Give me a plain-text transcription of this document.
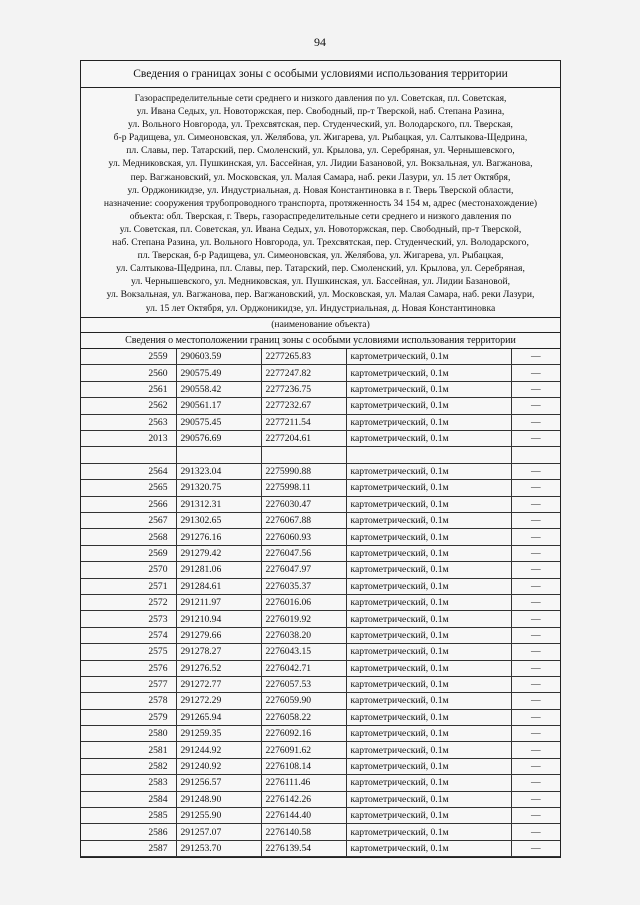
94
Сведения о границах зоны с особыми условиями использования территории
Газораспределительные сети среднего и низкого давления по ул. Советская, пл. Советская,
ул. Ивана Седых, ул. Новоторжская, пер. Свободный, пр-т Тверской, наб. Степана Разина,
ул. Вольного Новгорода, ул. Трехсвятская, пер. Студенческий, ул. Володарского, пл. Тверская,
б-р Радищева, ул. Симеоновская, ул. Желябова, ул. Жигарева, ул. Рыбацкая, ул. Салтыкова-Щедрина,
пл. Славы, пер. Татарский, пер. Смоленский, ул. Крылова, ул. Серебряная, ул. Чернышевского,
ул. Медниковская, ул. Пушкинская, ул. Бассейная, ул. Лидии Базановой, ул. Вокзальная, ул. Вагжанова,
пер. Вагжановский, ул. Московская, ул. Малая Самара, наб. реки Лазури, ул. 15 лет Октября,
ул. Орджоникидзе, ул. Индустриальная, д. Новая Константиновка в г. Тверь Тверской области,
назначение: сооружения трубопроводного транспорта, протяженность 34 154 м, адрес (местонахождение)
объекта: обл. Тверская, г. Тверь, газораспределительные сети среднего и низкого давления по
ул. Советская, пл. Советская, ул. Ивана Седых, ул. Новоторжская, пер. Свободный, пр-т Тверской,
наб. Степана Разина, ул. Вольного Новгорода, ул. Трехсвятская, пер. Студенческий, ул. Володарского,
пл. Тверская, б-р Радищева, ул. Симеоновская, ул. Желябова, ул. Жигарева, ул. Рыбацкая,
ул. Салтыкова-Щедрина, пл. Славы, пер. Татарский, пер. Смоленский, ул. Крылова, ул. Серебряная,
ул. Чернышевского, ул. Медниковская, ул. Пушкинская, ул. Бассейная, ул. Лидии Базановой,
ул. Вокзальная, ул. Вагжанова, пер. Вагжановский, ул. Московская, ул. Малая Самара, наб. реки Лазури,
ул. 15 лет Октября, ул. Орджоникидзе, ул. Индустриальная, д. Новая Константиновка
(наименование объекта)
Сведения о местоположении границ зоны с особыми условиями использования территории
2559	290603.59	2277265.83	картометрический, 0.1м	—
2560	290575.49	2277247.82	картометрический, 0.1м	—
2561	290558.42	2277236.75	картометрический, 0.1м	—
2562	290561.17	2277232.67	картометрический, 0.1м	—
2563	290575.45	2277211.54	картометрический, 0.1м	—
2013	290576.69	2277204.61	картометрический, 0.1м	—

2564	291323.04	2275990.88	картометрический, 0.1м	—
2565	291320.75	2275998.11	картометрический, 0.1м	—
2566	291312.31	2276030.47	картометрический, 0.1м	—
2567	291302.65	2276067.88	картометрический, 0.1м	—
2568	291276.16	2276060.93	картометрический, 0.1м	—
2569	291279.42	2276047.56	картометрический, 0.1м	—
2570	291281.06	2276047.97	картометрический, 0.1м	—
2571	291284.61	2276035.37	картометрический, 0.1м	—
2572	291211.97	2276016.06	картометрический, 0.1м	—
2573	291210.94	2276019.92	картометрический, 0.1м	—
2574	291279.66	2276038.20	картометрический, 0.1м	—
2575	291278.27	2276043.15	картометрический, 0.1м	—
2576	291276.52	2276042.71	картометрический, 0.1м	—
2577	291272.77	2276057.53	картометрический, 0.1м	—
2578	291272.29	2276059.90	картометрический, 0.1м	—
2579	291265.94	2276058.22	картометрический, 0.1м	—
2580	291259.35	2276092.16	картометрический, 0.1м	—
2581	291244.92	2276091.62	картометрический, 0.1м	—
2582	291240.92	2276108.14	картометрический, 0.1м	—
2583	291256.57	2276111.46	картометрический, 0.1м	—
2584	291248.90	2276142.26	картометрический, 0.1м	—
2585	291255.90	2276144.40	картометрический, 0.1м	—
2586	291257.07	2276140.58	картометрический, 0.1м	—
2587	291253.70	2276139.54	картометрический, 0.1м	—
